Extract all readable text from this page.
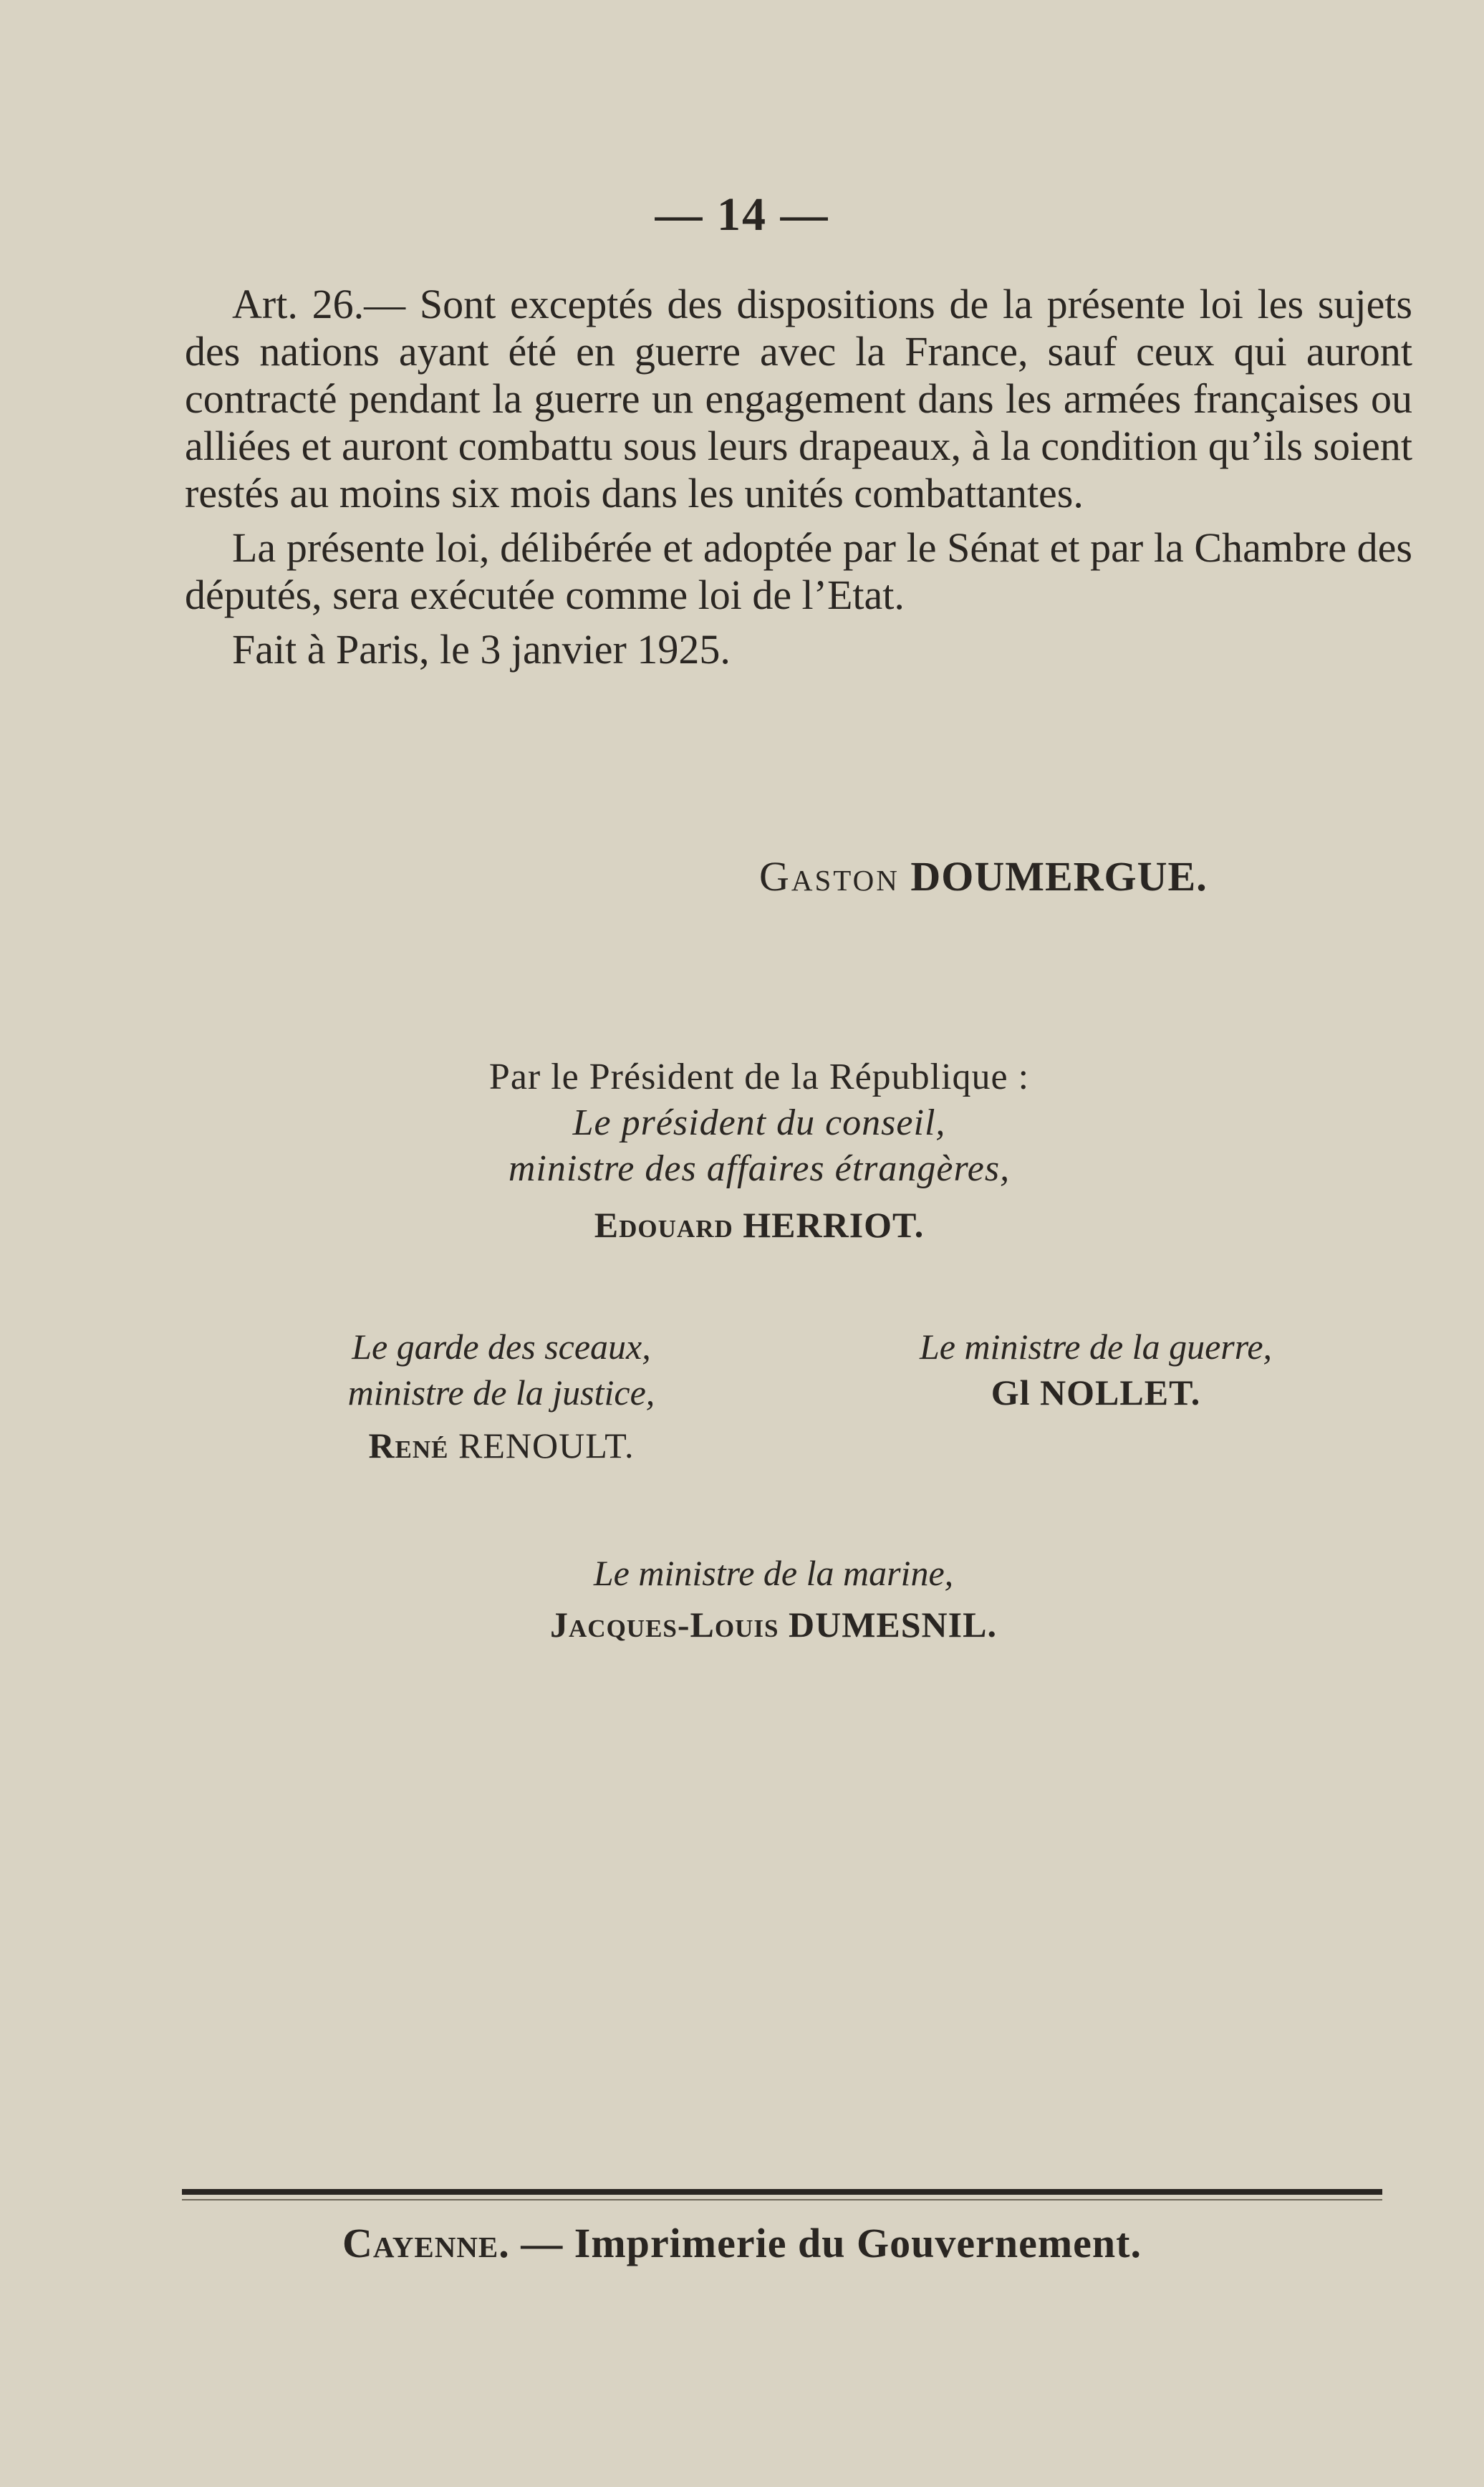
— 14 —

Art. 26.— Sont exceptés des dispositions de la présente loi les sujets des nations ayant été en guerre avec la France, sauf ceux qui auront contracté pendant la guerre un engagement dans les armées françaises ou alliées et auront combattu sous leurs drapeaux, à la condition qu’ils soient restés au moins six mois dans les unités combattantes.

La présente loi, délibérée et adoptée par le Sénat et par la Chambre des députés, sera exécutée comme loi de l’Etat.

Fait à Paris, le 3 janvier 1925.

Gaston DOUMERGUE.
Par le Président de la République :
Le président du conseil,
ministre des affaires étrangères,
Edouard HERRIOT.
Le garde des sceaux,
ministre de la justice,
René RENOULT.
Le ministre de la guerre,
Gl NOLLET.
Le ministre de la marine,
Jacques-Louis DUMESNIL.
Cayenne. — Imprimerie du Gouvernement.
